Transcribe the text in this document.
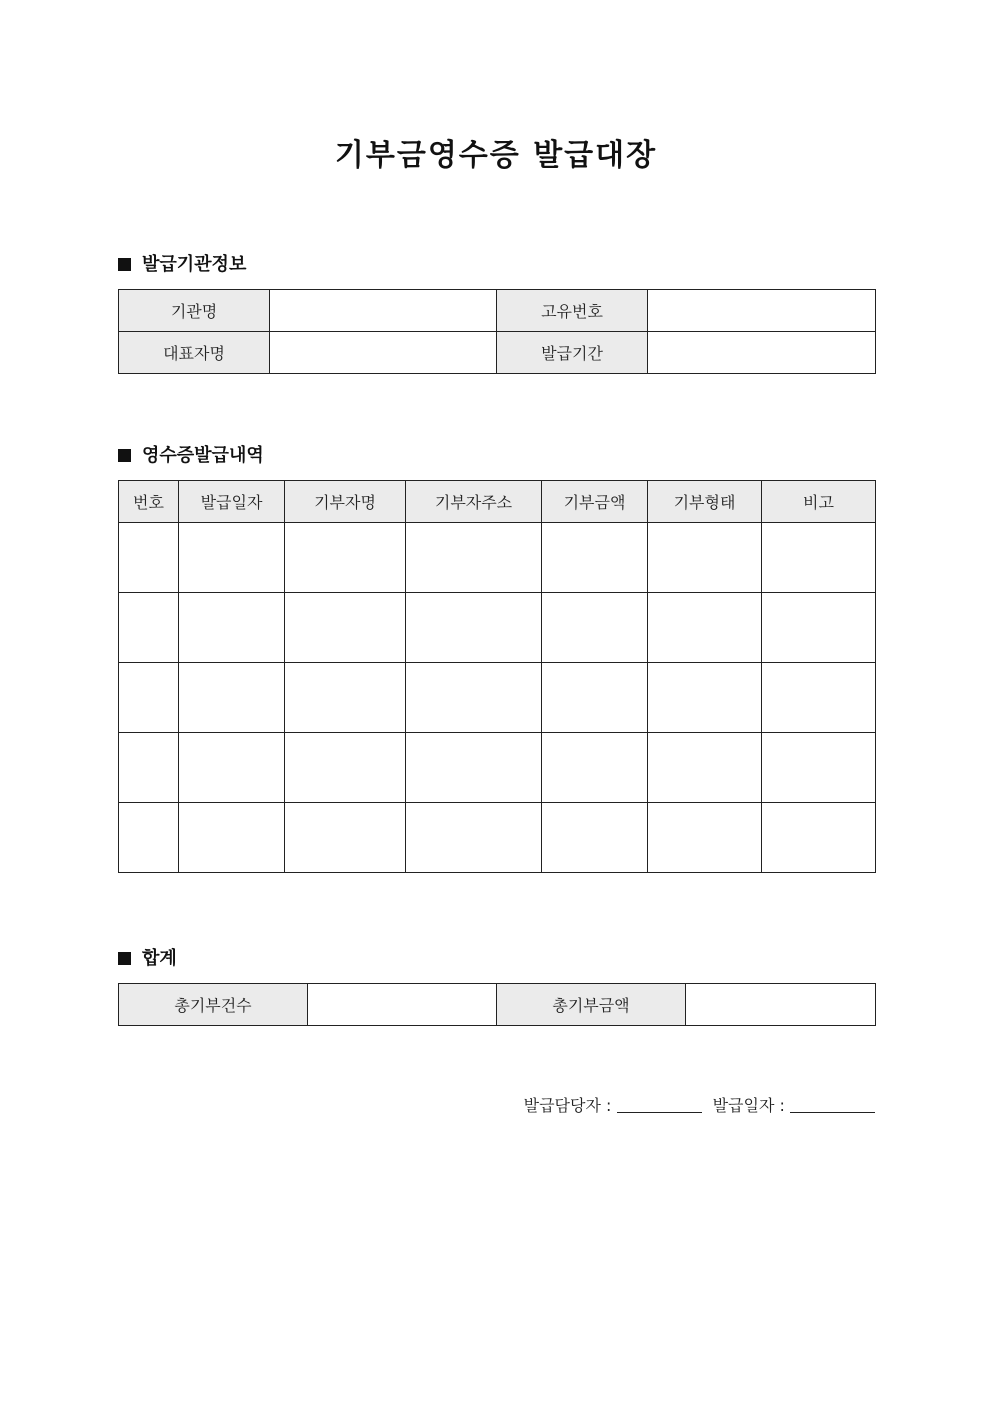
기부금영수증 발급대장
발급기관정보
기관명		고유번호	
대표자명		발급기간	
영수증발급내역
번호	발급일자	기부자명	기부자주소	기부금액	기부형태	비고

합계
총기부건수		총기부금액	
발급담당자 :	발급일자 :
